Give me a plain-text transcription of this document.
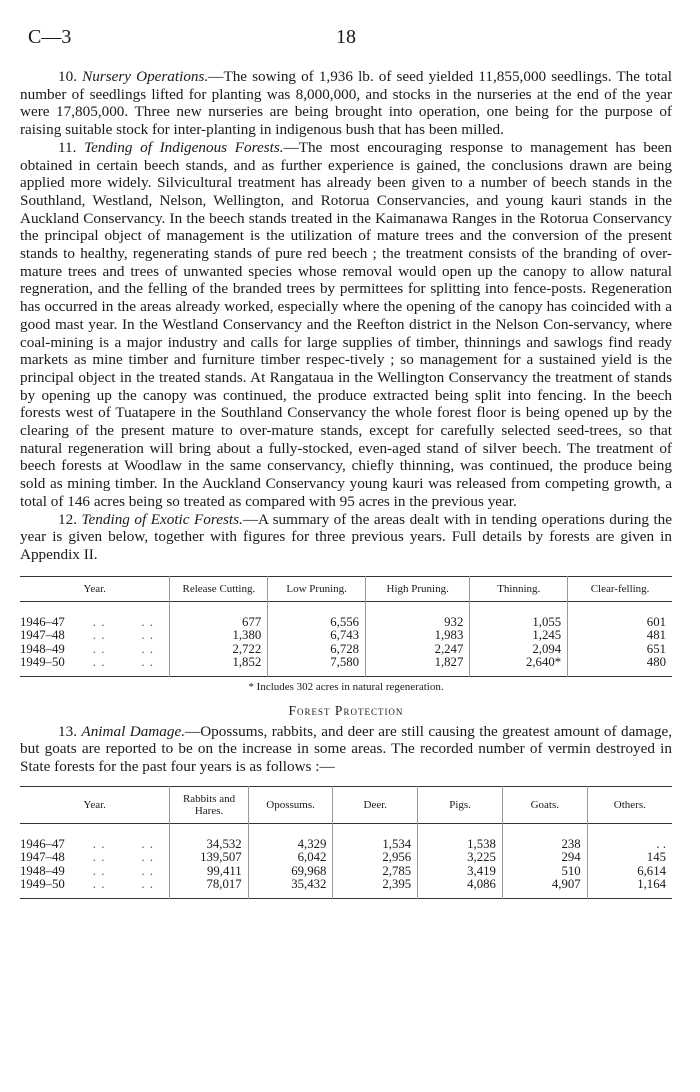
C—3	18

10. Nursery Operations.—The sowing of 1,936 lb. of seed yielded 11,855,000 seedlings. The total number of seedlings lifted for planting was 8,000,000, and stocks in the nurseries at the end of the year were 17,805,000. Three new nurseries are being brought into operation, one being for the purpose of raising suitable stock for inter-planting in indigenous bush that has been milled.

11. Tending of Indigenous Forests.—The most encouraging response to management has been obtained in certain beech stands, and as further experience is gained, the conclusions drawn are being applied more widely. Silvicultural treatment has already been given to a number of beech stands in the Southland, Westland, Nelson, Wellington, and Rotorua Conservancies, and young kauri stands in the Auckland Conservancy. In the beech stands treated in the Kaimanawa Ranges in the Rotorua Conservancy the principal object of management is the utilization of mature trees and the conversion of the present stands to healthy, regenerating stands of pure red beech ; the treatment consists of the branding of over-mature trees and trees of unwanted species whose removal would open up the canopy to allow natural regneration, and the felling of the branded trees by permittees for splitting into fence-posts. Regeneration has occurred in the areas already worked, especially where the opening of the canopy has coincided with a good mast year. In the Westland Conservancy and the Reefton district in the Nelson Con-servancy, where coal-mining is a major industry and calls for large supplies of timber, thinnings and sawlogs find ready markets as mine timber and furniture timber respec-tively ; so management for a sustained yield is the principal object in the treated stands. At Rangataua in the Wellington Conservancy the treatment of stands by opening up the canopy was continued, the produce extracted being split into fencing. In the beech forests west of Tuatapere in the Southland Conservancy the whole forest floor is being opened up by the clearing of the present mature to over-mature stands, except for carefully selected seed-trees, so that natural regeneration will bring about a fully-stocked, even-aged stand of silver beech. The treatment of beech forests at Woodlaw in the same conservancy, chiefly thinning, was continued, the produce being sold as mining timber. In the Auckland Conservancy young kauri was released from competing growth, a total of 146 acres being so treated as compared with 95 acres in the previous year.

12. Tending of Exotic Forests.—A summary of the areas dealt with in tending operations during the year is given below, together with figures for three previous years. Full details by forests are given in Appendix II.

Year.	Release Cutting.	Low Pruning.	High Pruning.	Thinning.	Clear-felling.

1946–47 . . . .	677	6,556	932	1,055	601
1947–48 . . . .	1,380	6,743	1,983	1,245	481
1948–49 . . . .	2,722	6,728	2,247	2,094	651
1949–50 . . . .	1,852	7,580	1,827	2,640*	480
* Includes 302 acres in natural regeneration.
Forest Protection

13. Animal Damage.—Opossums, rabbits, and deer are still causing the greatest amount of damage, but goats are reported to be on the increase in some areas. The recorded number of vermin destroyed in State forests for the past four years is as follows :—

Year.	Rabbits and Hares.	Opossums.	Deer.	Pigs.	Goats.	Others.

1946–47 . . . .	34,532	4,329	1,534	1,538	238	. .
1947–48 . . . .	139,507	6,042	2,956	3,225	294	145
1948–49 . . . .	99,411	69,968	2,785	3,419	510	6,614
1949–50 . . . .	78,017	35,432	2,395	4,086	4,907	1,164
